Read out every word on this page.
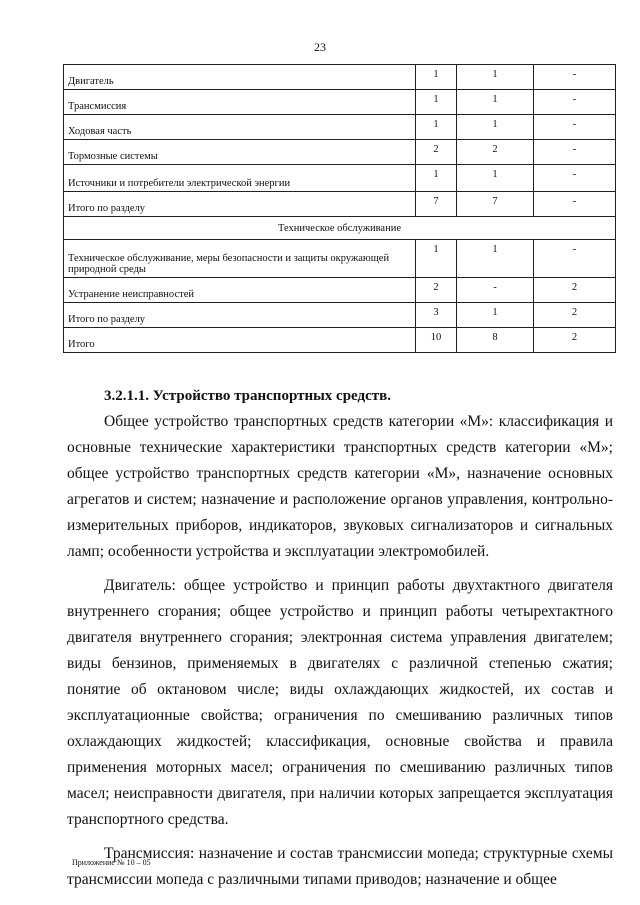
23
Двигатель	1	1	-
Трансмиссия	1	1	-
Ходовая часть	1	1	-
Тормозные системы	2	2	-
Источники и потребители электрической энергии	1	1	-
Итого по разделу	7	7	-
Техническое обслуживание			
Техническое обслуживание, меры безопасности и защиты окружающей природной среды	1	1	-
Устранение неисправностей	2	-	2
Итого по разделу	3	1	2
Итого	10	8	2
3.2.1.1. Устройство транспортных средств.

Общее устройство транспортных средств категории «М»: классификация и основные технические характеристики транспортных средств категории «М»; общее устройство транспортных средств категории «М», назначение основных агрегатов и систем; назначение и расположение органов управления, контрольно-измерительных приборов, индикаторов, звуковых сигнализаторов и сигнальных ламп; особенности устройства и эксплуатации электромобилей.

Двигатель: общее устройство и принцип работы двухтактного двигателя внутреннего сгорания; общее устройство и принцип работы четырехтактного двигателя внутреннего сгорания; электронная система управления двигателем; виды бензинов, применяемых в двигателях с различной степенью сжатия; понятие об октановом числе; виды охлаждающих жидкостей, их состав и эксплуатационные свойства; ограничения по смешиванию различных типов охлаждающих жидкостей; классификация, основные свойства и правила применения моторных масел; ограничения по смешиванию различных типов масел; неисправности двигателя, при наличии которых запрещается эксплуатация транспортного средства.

Трансмиссия: назначение и состав трансмиссии мопеда; структурные схемы трансмиссии мопеда с различными типами приводов; назначение и общее

Приложение № 10 – 05
